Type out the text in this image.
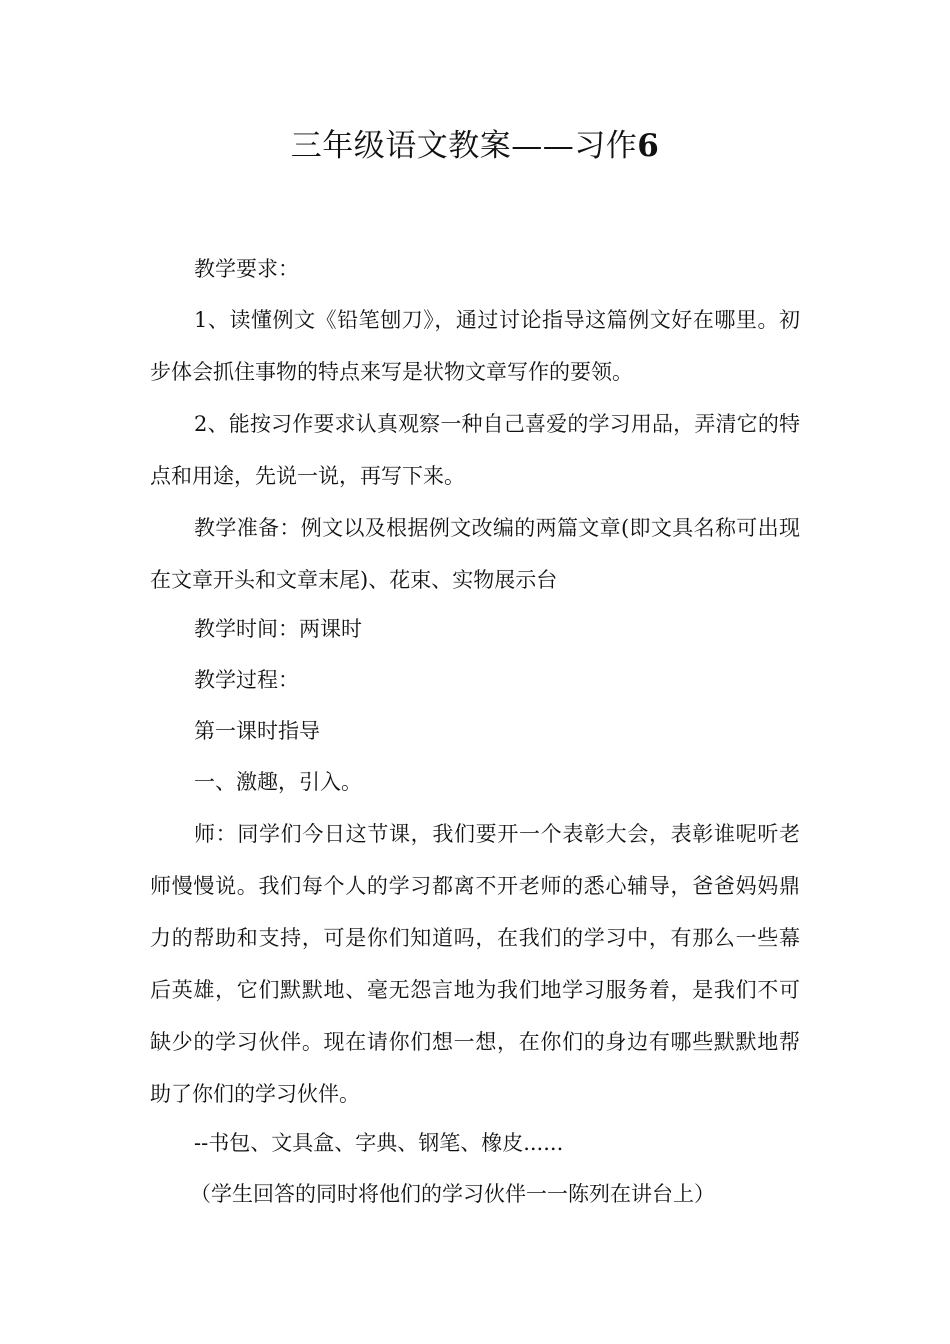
三年级语文教案——习作6

教学要求：

1、读懂例文《铅笔刨刀》，通过讨论指导这篇例文好在哪里。初步体会抓住事物的特点来写是状物文章写作的要领。

2、能按习作要求认真观察一种自己喜爱的学习用品，弄清它的特点和用途，先说一说，再写下来。

教学准备：例文以及根据例文改编的两篇文章(即文具名称可出现在文章开头和文章末尾)、花束、实物展示台

教学时间：两课时

教学过程：

第一课时指导

一、激趣，引入。

师：同学们今日这节课，我们要开一个表彰大会，表彰谁呢听老师慢慢说。我们每个人的学习都离不开老师的悉心辅导，爸爸妈妈鼎力的帮助和支持，可是你们知道吗，在我们的学习中，有那么一些幕后英雄，它们默默地、毫无怨言地为我们地学习服务着，是我们不可缺少的学习伙伴。现在请你们想一想，在你们的身边有哪些默默地帮助了你们的学习伙伴。

--书包、文具盒、字典、钢笔、橡皮......

（学生回答的同时将他们的学习伙伴一一陈列在讲台上）
